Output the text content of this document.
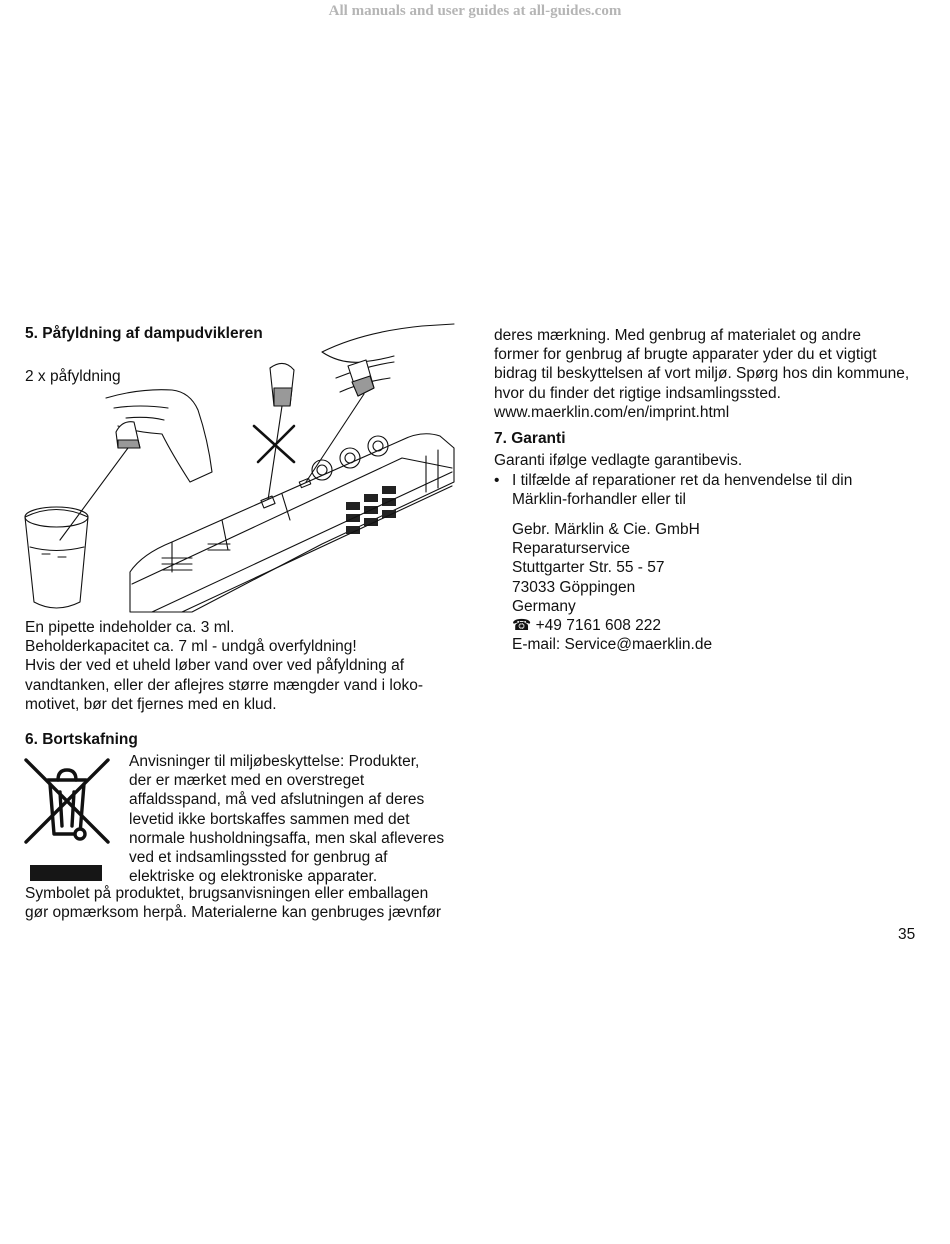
All manuals and user guides at all-guides.com
5. Påfyldning af dampudvikleren
2 x påfyldning

En pipette indeholder ca. 3 ml.

Beholderkapacitet ca. 7 ml - undgå overfyldning!

Hvis der ved et uheld løber vand over ved påfyldning af

vandtanken, eller der aflejres større mængder vand i loko-

motivet, bør det fjernes med en klud.

6. Bortskafning

Anvisninger til miljøbeskyttelse: Produkter,

der er mærket med en overstreget

affaldsspand, må ved afslutningen af deres

levetid ikke bortskaffes sammen med det

normale husholdningsaffa, men skal afleveres

ved et indsamlingssted for genbrug af

elektriske og elektroniske apparater.

Symbolet på produktet, brugsanvisningen eller emballagen

gør opmærksom herpå. Materialerne kan genbruges jævnfør

deres mærkning. Med genbrug af materialet og andre

former for genbrug af brugte apparater yder du et vigtigt

bidrag til beskyttelsen af vort miljø. Spørg hos din kommune,

hvor du finder det rigtige indsamlingssted.

www.maerklin.com/en/imprint.html

7. Garanti
Garanti ifølge vedlagte garantibevis.
• I tilfælde af reparationer ret da henvendelse til din

Märklin-forhandler eller til

Gebr. Märklin & Cie. GmbH

Reparaturservice

Stuttgarter Str. 55 - 57

73033 Göppingen

Germany

☎ +49 7161 608 222

E-mail: Service@maerklin.de

35
